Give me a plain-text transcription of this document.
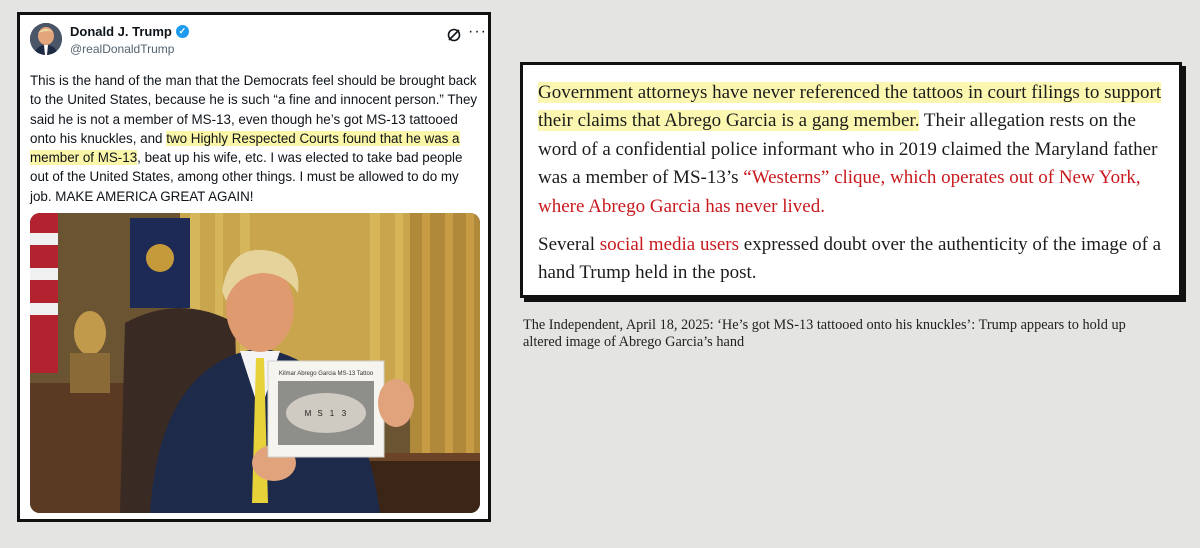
Donald J. Trump ✓
@realDonaldTrump
···
This is the hand of the man that the Democrats feel should be brought back to the United States, because he is such “a fine and innocent person.” They said he is not a member of MS-13, even though he’s got MS-13 tattooed onto his knuckles, and two Highly Respected Courts found that he was a member of MS-13, beat up his wife, etc. I was elected to take bad people out of the United States, among other things. I must be allowed to do my job. MAKE AMERICA GREAT AGAIN!
Kilmar Abrego Garcia MS-13 Tattoo
M S 1 3
Government attorneys have never referenced the tattoos in court filings to support their claims that Abrego Garcia is a gang member. Their allegation rests on the word of a confidential police informant who in 2019 claimed the Maryland father was a member of MS-13’s “Westerns” clique, which operates out of New York, where Abrego Garcia has never lived.
Several social media users expressed doubt over the authenticity of the image of a hand Trump held in the post.
The Independent, April 18, 2025: ‘He’s got MS-13 tattooed onto his knuckles’: Trump appears to hold up altered image of Abrego Garcia’s hand
